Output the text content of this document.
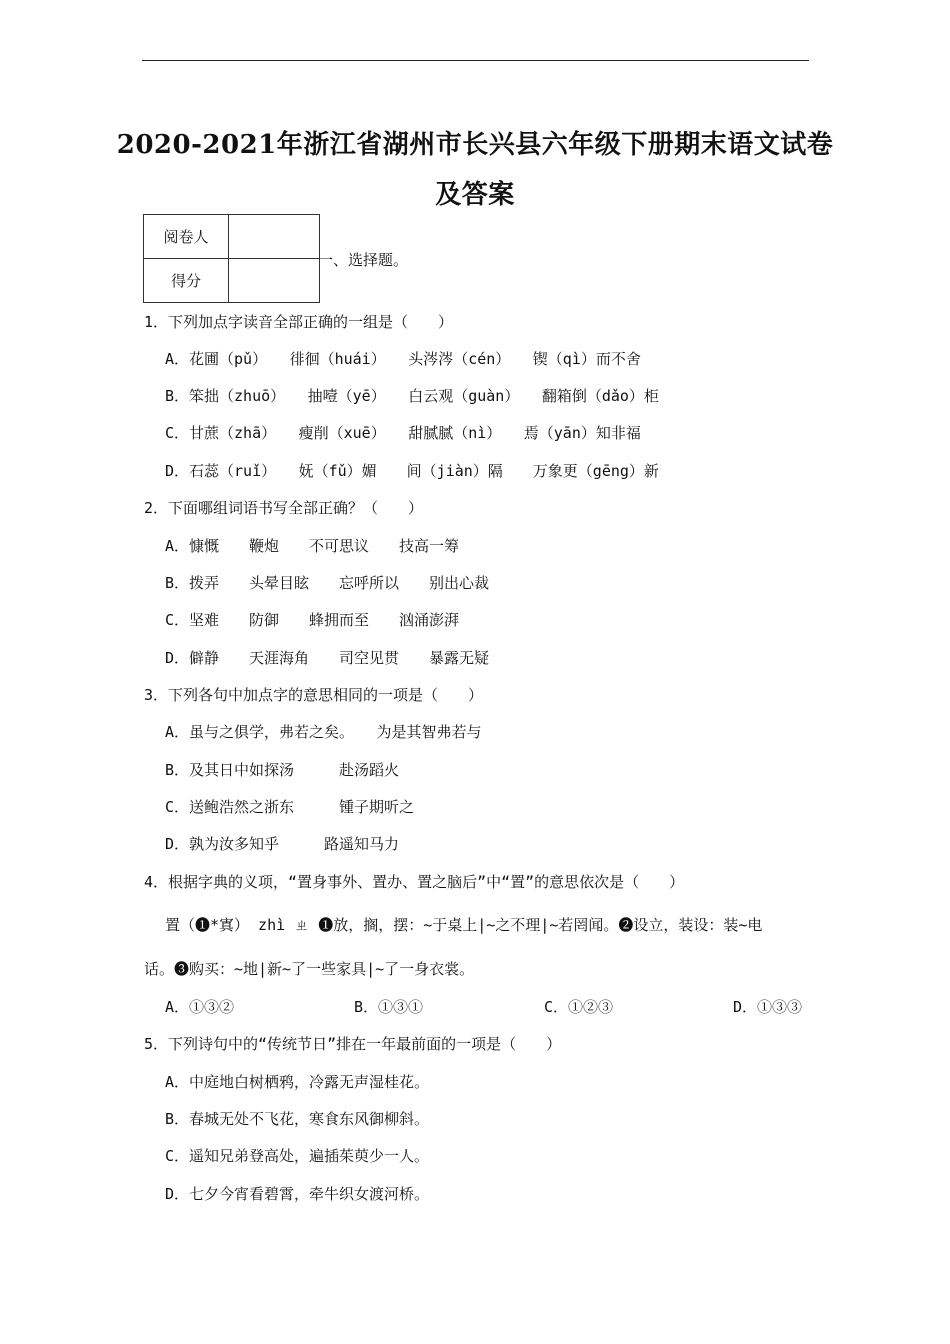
2020-2021年浙江省湖州市长兴县六年级下册期末语文试卷
及答案
阅卷人	
得分	
一、选择题。
1．下列加点字读音全部正确的一组是（　　）
A．花圃（pǔ）　　徘徊（huái）　　头涔涔（cén）　　锲（qì）而不舍
B．笨拙（zhuō）　　抽噎（yē）　　白云观（guàn）　　翻箱倒（dǎo）柜
C．甘蔗（zhā）　　瘦削（xuē）　　甜腻腻（nì）　　焉（yān）知非福
D．石蕊（ruǐ）　　妩（fǔ）媚　　间（jiàn）隔　　万象更（gēng）新
2．下面哪组词语书写全部正确？（　　）
A．慷慨　　鞭炮　　不可思议　　技高一筹
B．拨弄　　头晕目眩　　忘呼所以　　别出心裁
C．坚难　　防御　　蜂拥而至　　汹涌澎湃
D．僻静　　天涯海角　　司空见贯　　暴露无疑
3．下列各句中加点字的意思相同的一项是（　　）
A．虽与之俱学，弗若之矣。　　为是其智弗若与
B．及其日中如探汤　　　赴汤蹈火
C．送鲍浩然之浙东　　　锺子期听之
D．孰为汝多知乎　　　路遥知马力
4．根据字典的义项，“置身事外、置办、置之脑后”中“置”的意思依次是（　　）
置（❶*寘） zhì ㄓ ❶放，搁，摆：~于桌上|~之不理|~若罔闻。❷设立，装设：装~电
话。❸购买：~地|新~了一些家具|~了一身衣裳。
A．①③②	B．①③①	C．①②③	D．①③③
5．下列诗句中的“传统节日”排在一年最前面的一项是（　　）
A．中庭地白树栖鸦，冷露无声湿桂花。
B．春城无处不飞花，寒食东风御柳斜。
C．遥知兄弟登高处，遍插茱萸少一人。
D．七夕今宵看碧霄，牵牛织女渡河桥。
